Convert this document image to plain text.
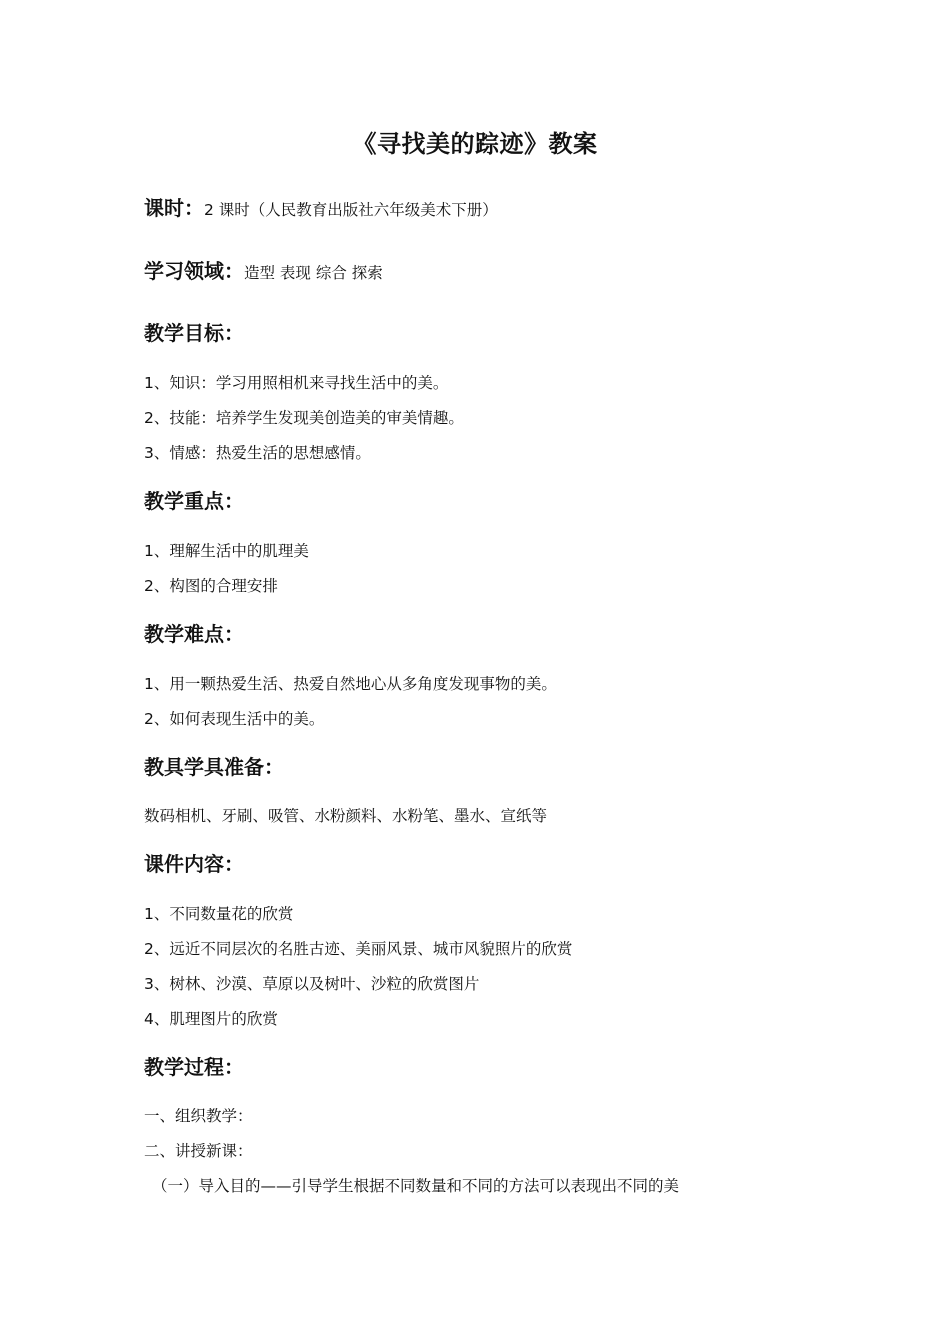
《寻找美的踪迹》教案
课时：2 课时（人民教育出版社六年级美术下册）
学习领域：造型 表现 综合 探索
教学目标：
1、知识：学习用照相机来寻找生活中的美。
2、技能：培养学生发现美创造美的审美情趣。
3、情感：热爱生活的思想感情。
教学重点：
1、理解生活中的肌理美
2、构图的合理安排
教学难点：
1、用一颗热爱生活、热爱自然地心从多角度发现事物的美。
2、如何表现生活中的美。
教具学具准备：
数码相机、牙刷、吸管、水粉颜料、水粉笔、墨水、宣纸等
课件内容：
1、不同数量花的欣赏
2、远近不同层次的名胜古迹、美丽风景、城市风貌照片的欣赏
3、树林、沙漠、草原以及树叶、沙粒的欣赏图片
4、肌理图片的欣赏
教学过程：
一、组织教学：
二、讲授新课：
（一）导入目的——引导学生根据不同数量和不同的方法可以表现出不同的美
